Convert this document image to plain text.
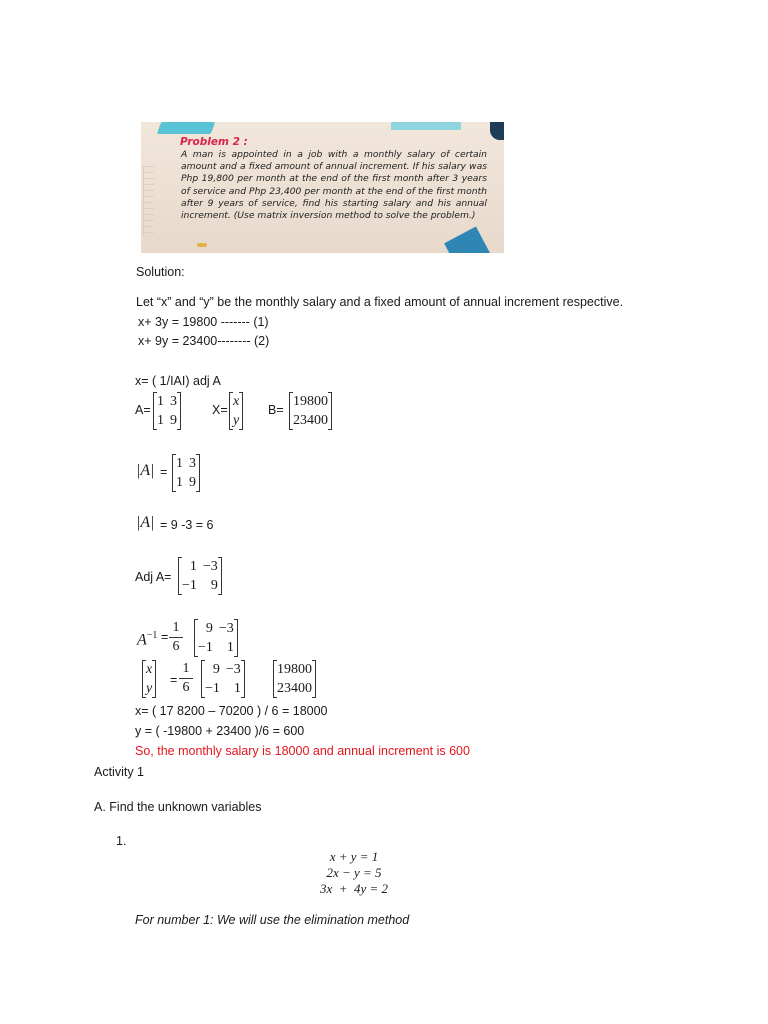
Problem 2 :
A man is appointed in a job with a monthly salary of certain amount and a fixed amount of annual increment. If his salary was Php 19,800 per month at the end of the first month after 3 years of service and Php 23,400 per month at the end of the first month after 9 years of service, find his starting salary and his annual increment. (Use matrix inversion method to solve the problem.)
Solution:
Let “x” and “y” be the monthly salary and a fixed amount of annual increment respective.
x+ 3y = 19800 ------- (1)
x+ 9y = 23400-------- (2)
x= ( 1/IAI) adj A
A=
1	3
1	9
X=
x
y
B=
19800
23400
|A| =
1	3
1	9
|A| = 9 -3 = 6
Adj A=
1	−3
−1	9
$A^{-1}$ =
1
6
9	−3
−1	1
x
y
=
1
6
9	−3
−1	1
19800
23400
x= ( 17 8200 – 70200 ) / 6 = 18000
y = ( -19800 + 23400 )/6 = 600
So, the monthly salary is 18000 and annual increment is 600
Activity 1
A. Find the unknown variables
1.
x + y = 1
2x − y = 5
3x  +  4y = 2
For number 1: We will use the elimination method
